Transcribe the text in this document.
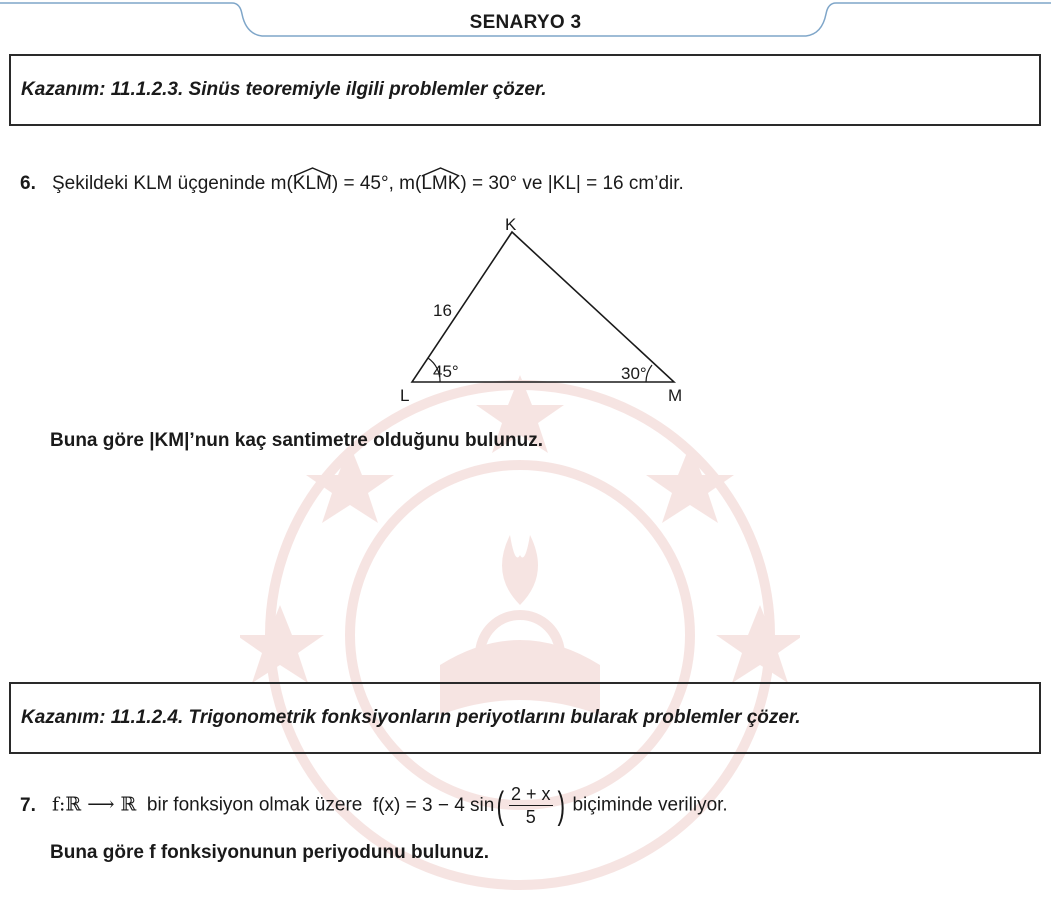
SENARYO 3
Kazanım: 11.1.2.3. Sinüs teoremiyle ilgili problemler çözer.
6. Şekildeki KLM üçgeninde m(
KLM) = 45°, m(
LMK) = 30° ve |KL| = 16 cm’dir.
K
L	M
16
45°	30°
Buna göre |KM|’nun kaç santimetre olduğunu bulunuz.
Kazanım: 11.1.2.4. Trigonometrik fonksiyonların periyotlarını bularak problemler çözer.
7. f:ℝ ⟶ ℝ bir fonksiyon olmak üzere f(x) = 3 − 4 $\sin( \frac{2 + x}{5}$ ) biçiminde veriliyor.
Buna göre f fonksiyonunun periyodunu bulunuz.
